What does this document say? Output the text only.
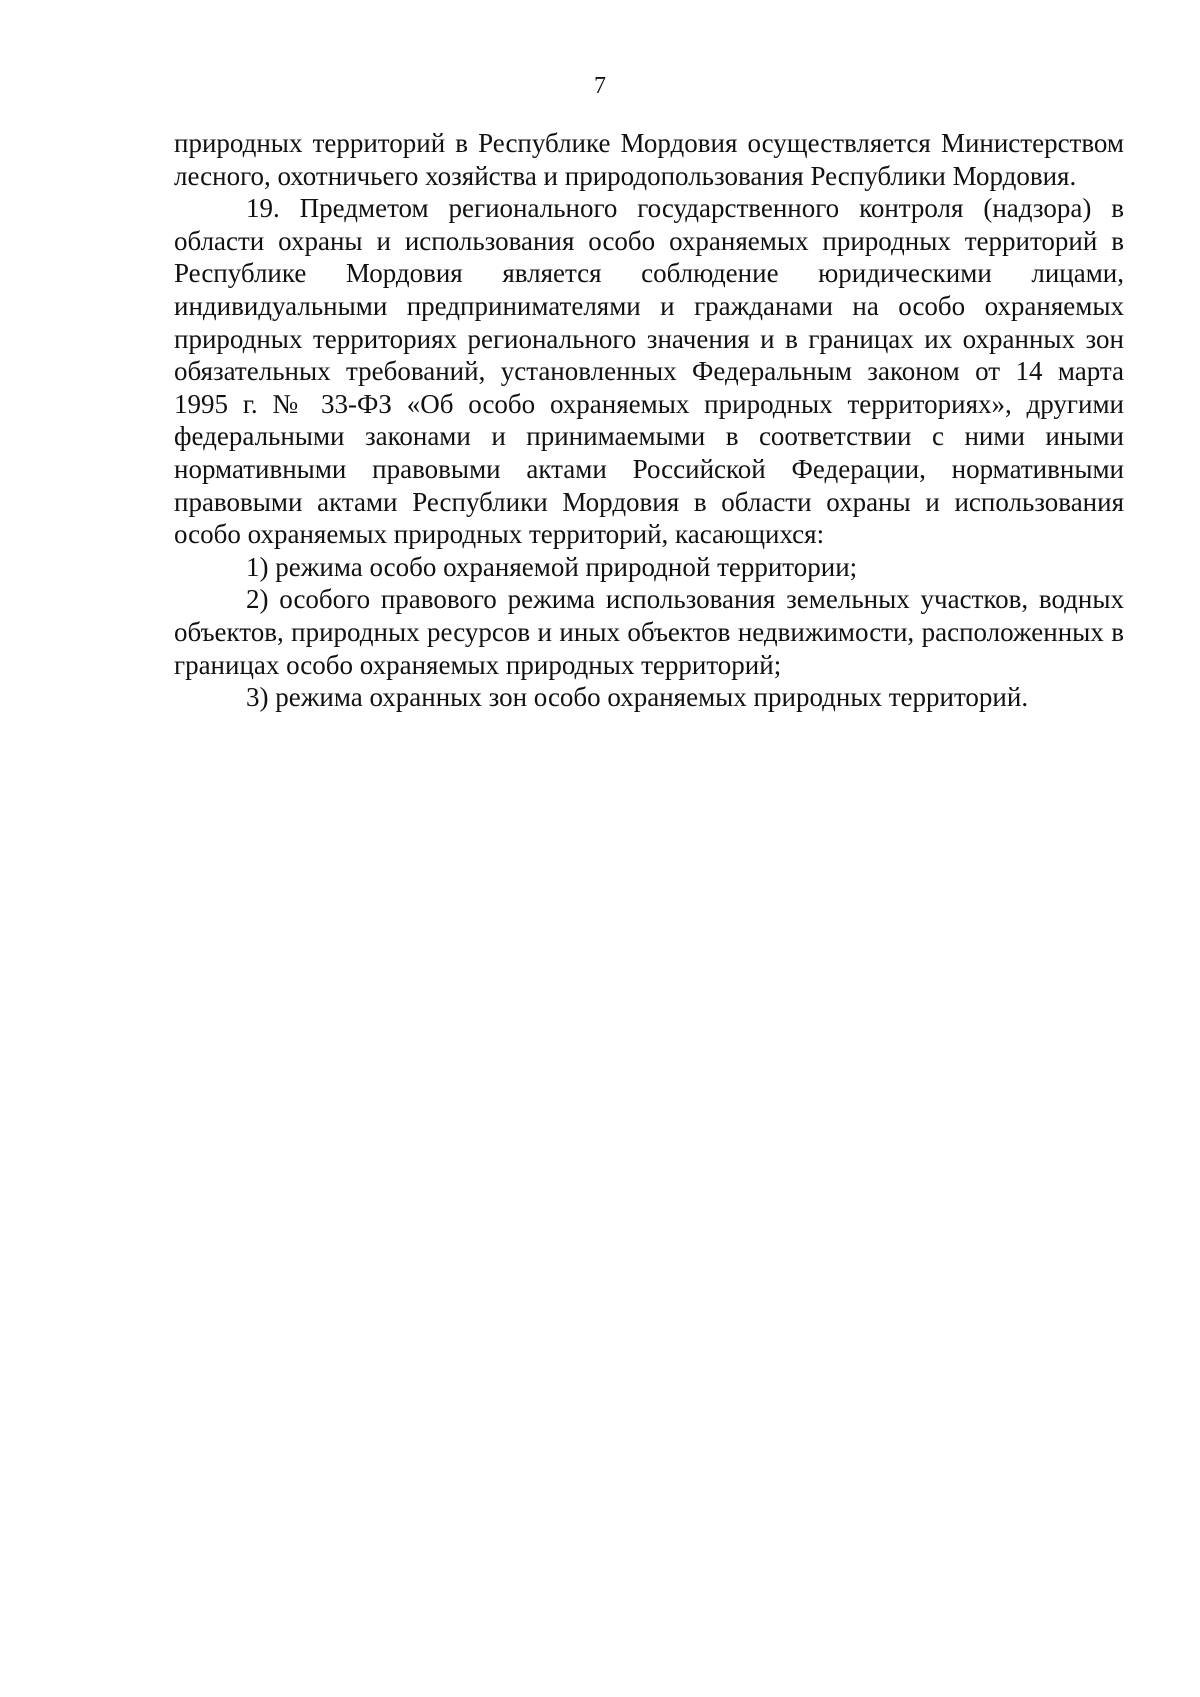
7

природных территорий в Республике Мордовия осуществляется Министерством лесного, охотничьего хозяйства и природопользования Республики Мордовия.

19. Предметом регионального государственного контроля (надзора) в области охраны и использования особо охраняемых природных территорий в Республике Мордовия является соблюдение юридическими лицами, индивидуальными предпринимателями и гражданами на особо охраняемых природных территориях регионального значения и в границах их охранных зон обязательных требований, установленных Федеральным законом от 14 марта 1995 г. № 33-ФЗ «Об особо охраняемых природных территориях», другими федеральными законами и принимаемыми в соответствии с ними иными нормативными правовыми актами Российской Федерации, нормативными правовыми актами Республики Мордовия в области охраны и использования особо охраняемых природных территорий, касающихся:

1) режима особо охраняемой природной территории;

2) особого правового режима использования земельных участков, водных объектов, природных ресурсов и иных объектов недвижимости, расположенных в границах особо охраняемых природных территорий;

3) режима охранных зон особо охраняемых природных территорий.
